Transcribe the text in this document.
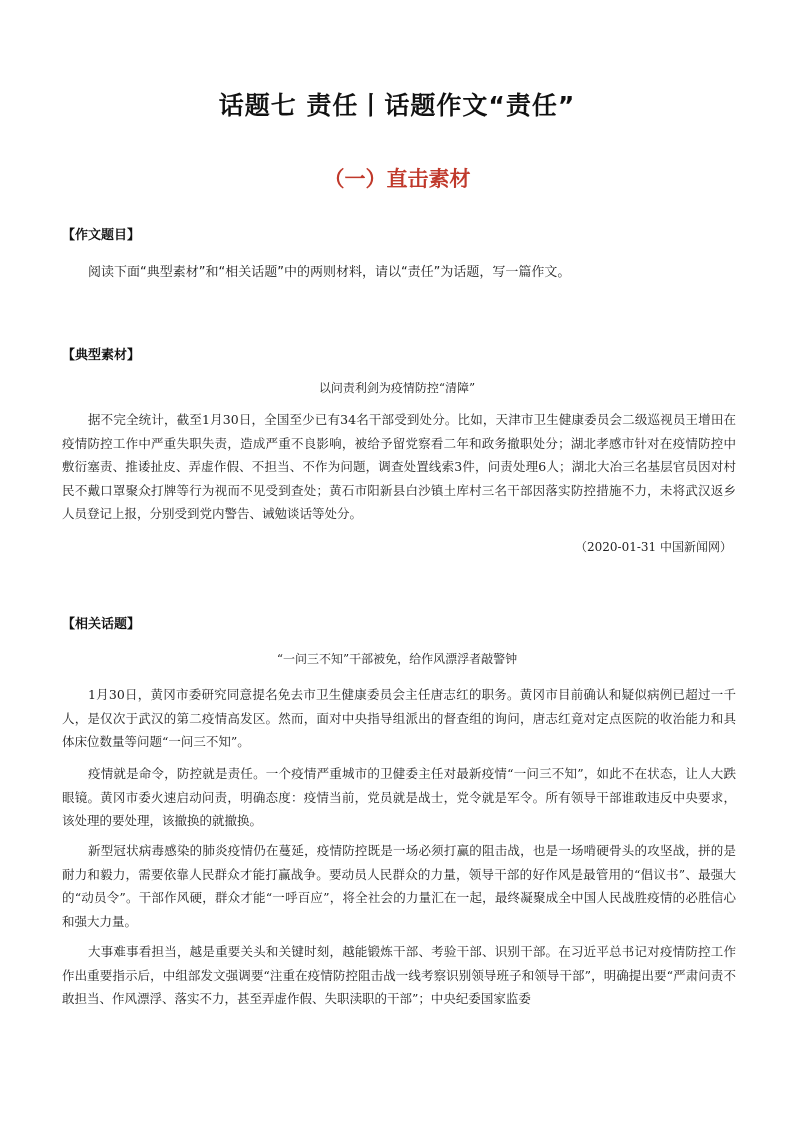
话题七 责任丨话题作文“责任”
（一）直击素材
【作文题目】

阅读下面“典型素材”和“相关话题”中的两则材料，请以“责任”为话题，写一篇作文。

【典型素材】
以问责利剑为疫情防控“清障”

据不完全统计，截至1月30日，全国至少已有34名干部受到处分。比如，天津市卫生健康委员会二级巡视员王增田在疫情防控工作中严重失职失责，造成严重不良影响，被给予留党察看二年和政务撤职处分；湖北孝感市针对在疫情防控中敷衍塞责、推诿扯皮、弄虚作假、不担当、不作为问题，调查处置线索3件，问责处理6人；湖北大冶三名基层官员因对村民不戴口罩聚众打牌等行为视而不见受到查处；黄石市阳新县白沙镇土库村三名干部因落实防控措施不力，未将武汉返乡人员登记上报，分别受到党内警告、诫勉谈话等处分。

（2020-01-31 中国新闻网）
【相关话题】
“一问三不知”干部被免，给作风漂浮者敲警钟

1月30日，黄冈市委研究同意提名免去市卫生健康委员会主任唐志红的职务。黄冈市目前确认和疑似病例已超过一千人，是仅次于武汉的第二疫情高发区。然而，面对中央指导组派出的督查组的询问，唐志红竟对定点医院的收治能力和具体床位数量等问题“一问三不知”。

疫情就是命令，防控就是责任。一个疫情严重城市的卫健委主任对最新疫情“一问三不知”，如此不在状态，让人大跌眼镜。黄冈市委火速启动问责，明确态度：疫情当前，党员就是战士，党令就是军令。所有领导干部谁敢违反中央要求，该处理的要处理，该撤换的就撤换。

新型冠状病毒感染的肺炎疫情仍在蔓延，疫情防控既是一场必须打赢的阻击战，也是一场啃硬骨头的攻坚战，拼的是耐力和毅力，需要依靠人民群众才能打赢战争。要动员人民群众的力量，领导干部的好作风是最管用的“倡议书”、最强大的“动员令”。干部作风硬，群众才能“一呼百应”，将全社会的力量汇在一起，最终凝聚成全中国人民战胜疫情的必胜信心和强大力量。

大事难事看担当，越是重要关头和关键时刻，越能锻炼干部、考验干部、识别干部。在习近平总书记对疫情防控工作作出重要指示后，中组部发文强调要“注重在疫情防控阻击战一线考察识别领导班子和领导干部”，明确提出要“严肃问责不敢担当、作风漂浮、落实不力，甚至弄虚作假、失职渎职的干部”；中央纪委国家监委
